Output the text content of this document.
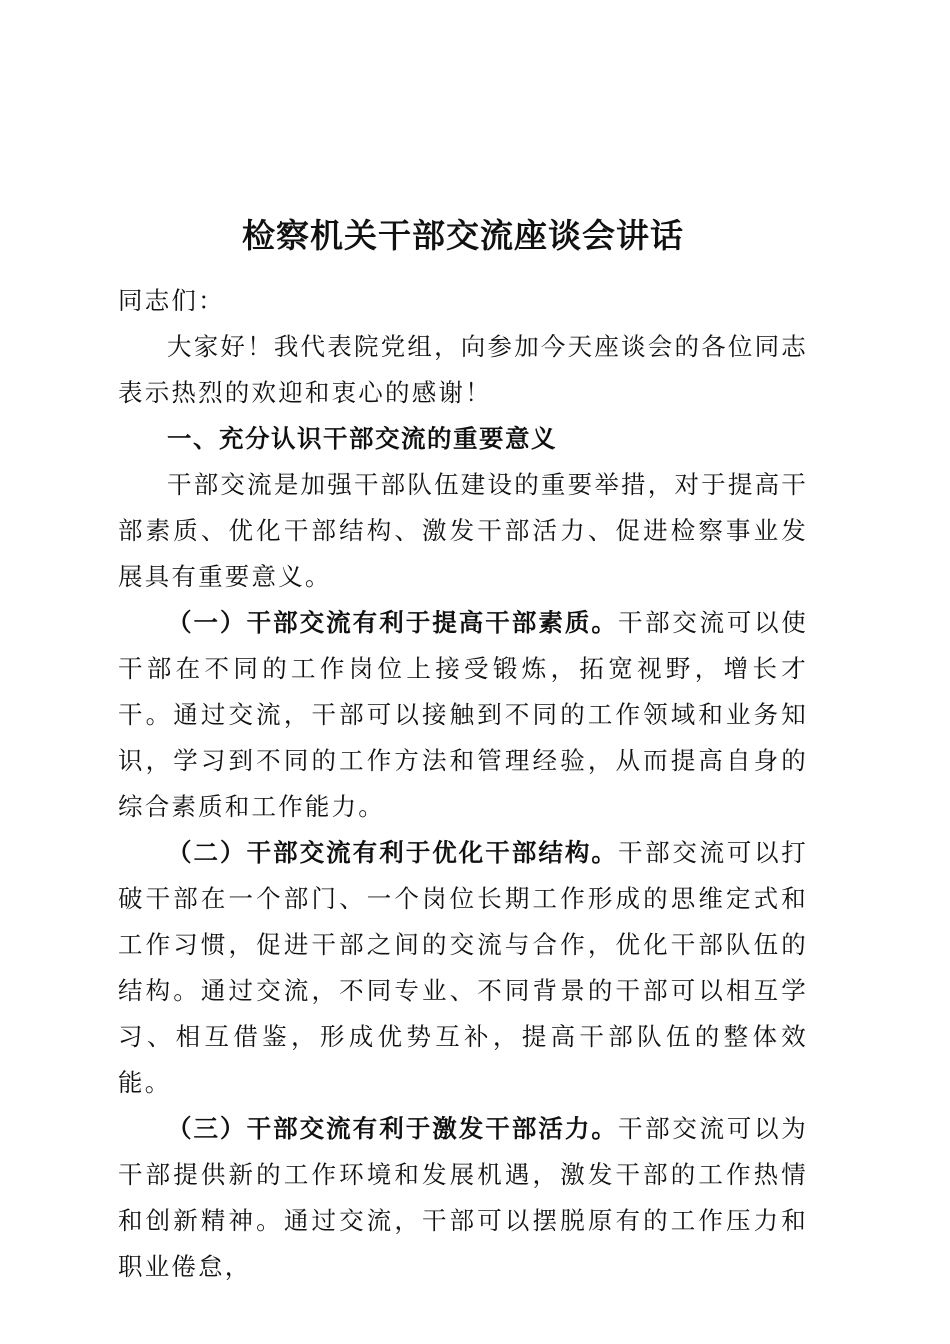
检察机关干部交流座谈会讲话

同志们：

大家好！我代表院党组，向参加今天座谈会的各位同志表示热烈的欢迎和衷心的感谢！

一、充分认识干部交流的重要意义

干部交流是加强干部队伍建设的重要举措，对于提高干部素质、优化干部结构、激发干部活力、促进检察事业发展具有重要意义。

（一）干部交流有利于提高干部素质。干部交流可以使干部在不同的工作岗位上接受锻炼，拓宽视野，增长才干。通过交流，干部可以接触到不同的工作领域和业务知识，学习到不同的工作方法和管理经验，从而提高自身的综合素质和工作能力。

（二）干部交流有利于优化干部结构。干部交流可以打破干部在一个部门、一个岗位长期工作形成的思维定式和工作习惯，促进干部之间的交流与合作，优化干部队伍的结构。通过交流，不同专业、不同背景的干部可以相互学习、相互借鉴，形成优势互补，提高干部队伍的整体效能。

（三）干部交流有利于激发干部活力。干部交流可以为干部提供新的工作环境和发展机遇，激发干部的工作热情和创新精神。通过交流，干部可以摆脱原有的工作压力和职业倦怠，
